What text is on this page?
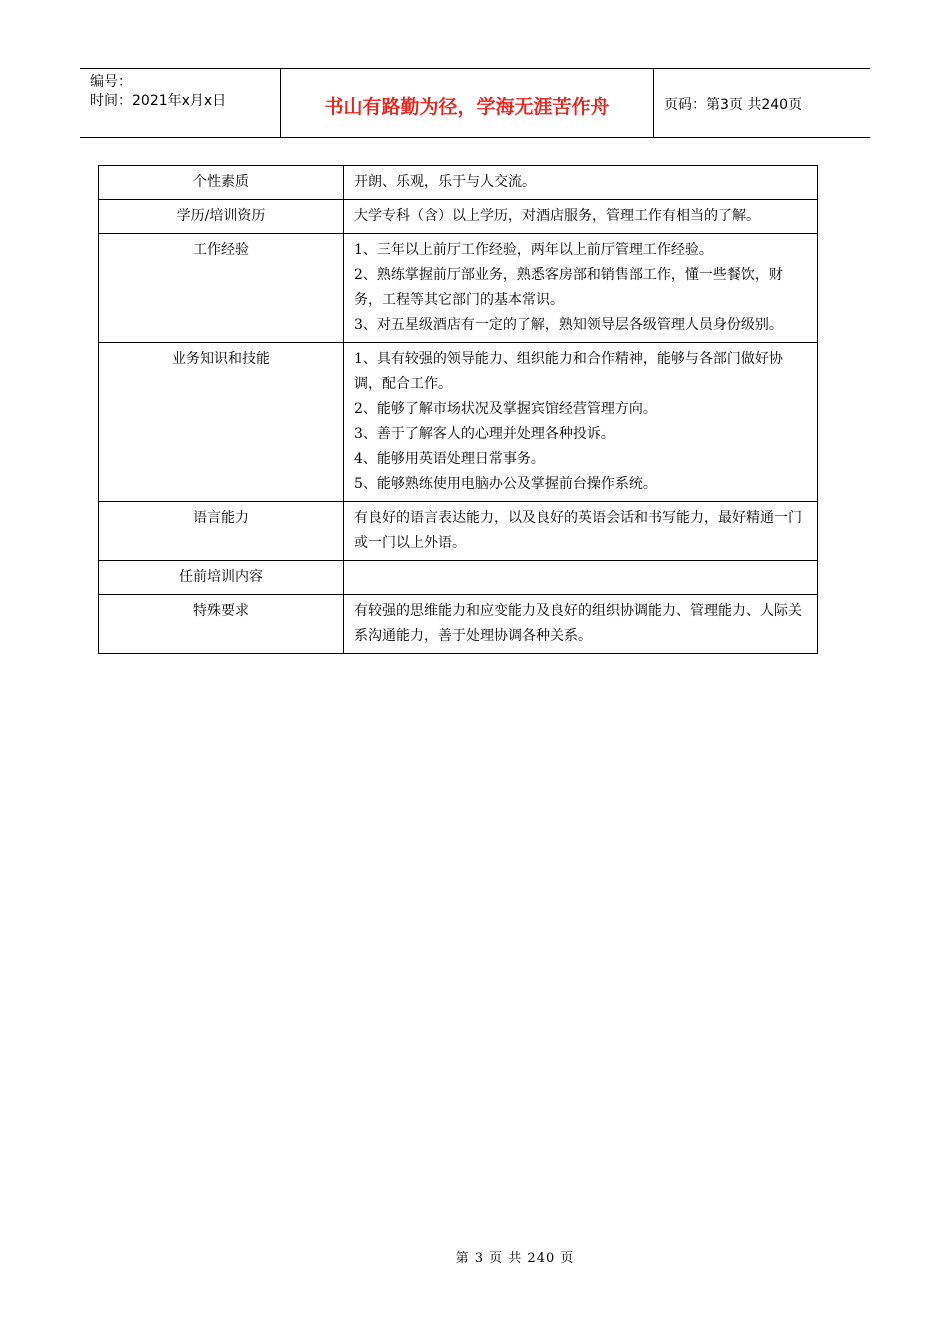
编号：
时间：2021年x月x日	书山有路勤为径，学海无涯苦作舟	页码：第3页 共240页
个性素质	开朗、乐观，乐于与人交流。

学历/培训资历	大学专科（含）以上学历，对酒店服务，管理工作有相当的了解。

工作经验	1、三年以上前厅工作经验，两年以上前厅管理工作经验。
2、熟练掌握前厅部业务，熟悉客房部和销售部工作，懂一些餐饮，财务，工程等其它部门的基本常识。
3、对五星级酒店有一定的了解，熟知领导层各级管理人员身份级别。

业务知识和技能	1、具有较强的领导能力、组织能力和合作精神，能够与各部门做好协调，配合工作。
2、能够了解市场状况及掌握宾馆经营管理方向。
3、善于了解客人的心理并处理各种投诉。
4、能够用英语处理日常事务。
5、能够熟练使用电脑办公及掌握前台操作系统。

语言能力	有良好的语言表达能力，以及良好的英语会话和书写能力，最好精通一门或一门以上外语。

任前培训内容	
特殊要求	有较强的思维能力和应变能力及良好的组织协调能力、管理能力、人际关系沟通能力，善于处理协调各种关系。
第 3 页 共 240 页
